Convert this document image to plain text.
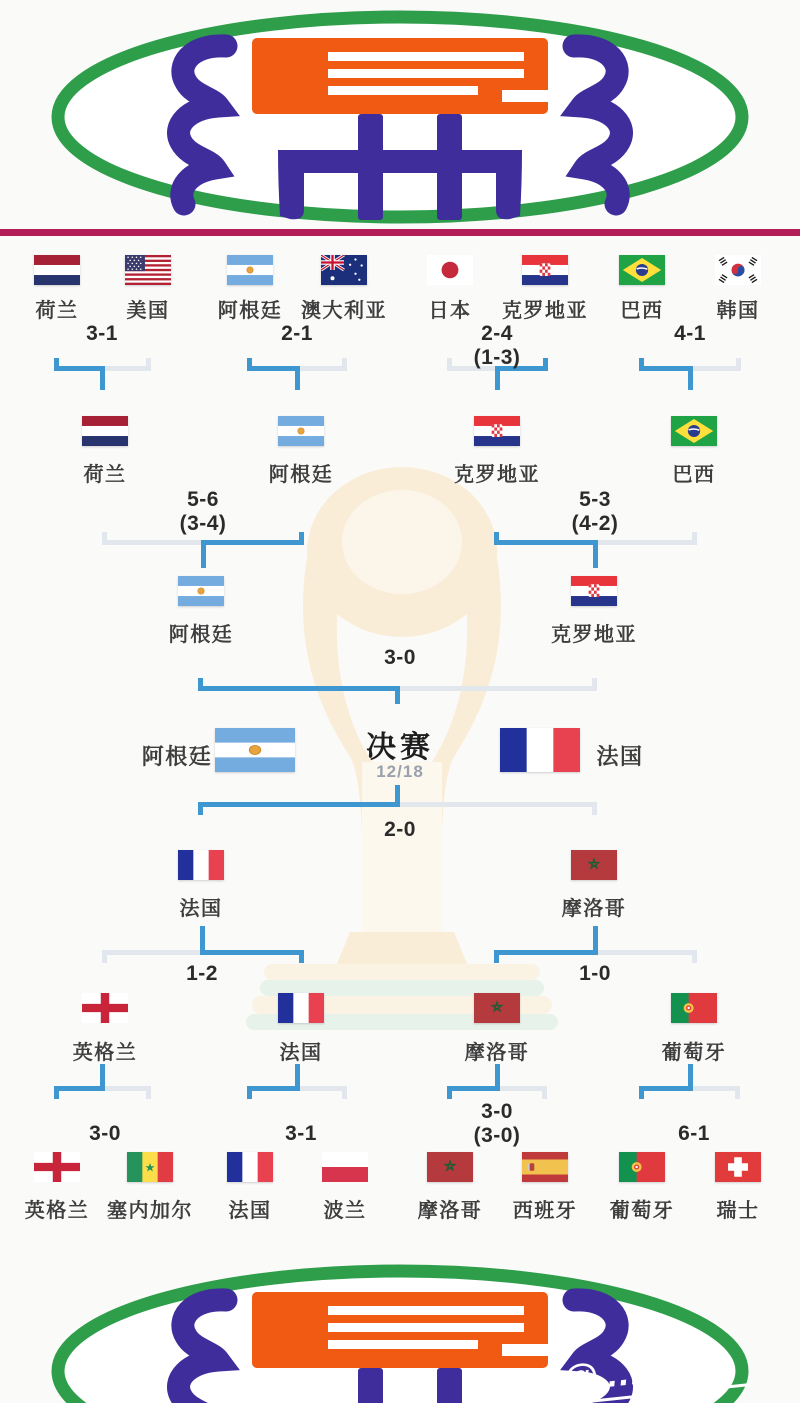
荷兰 美国 阿根廷 澳大利亚 日本 克罗地亚 巴西	韩国
3-1	2-1	2-4
(1-3)
4-1
荷兰	阿根廷	克罗地亚	巴西
5-6
(3-4)
5-3
(4-2)
阿根廷	克罗地亚
3-0
阿根廷	决赛
12/18
法国
2-0
法国	摩洛哥
1-2	1-0
英格兰	法国	摩洛哥	葡萄牙
3-0	3-1
3-0
(3-0)	6-1
英格兰 塞内加尔 法国	波兰	摩洛哥 西班牙 葡萄牙 瑞士
@…诸…
